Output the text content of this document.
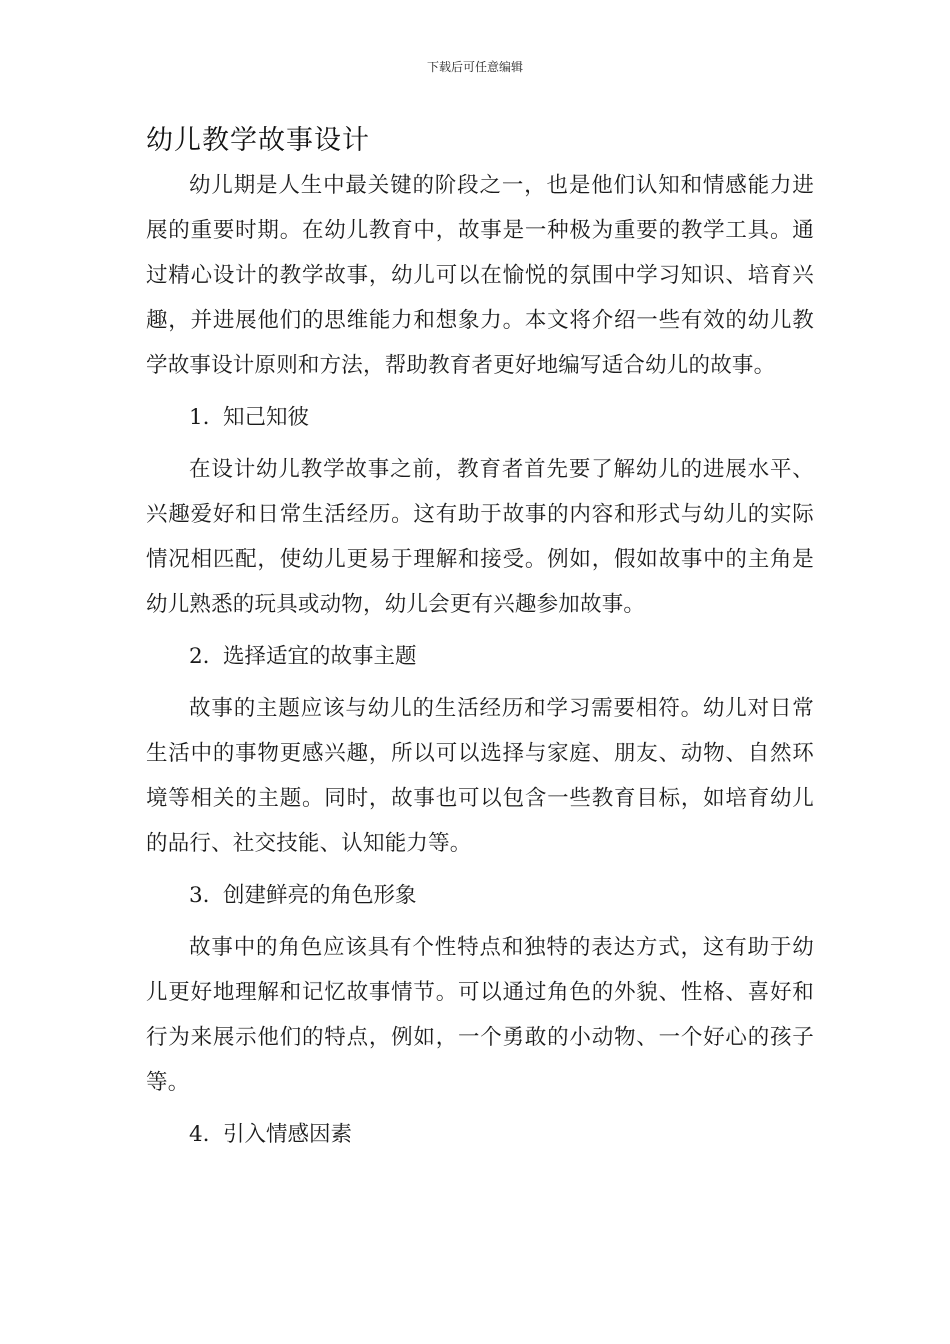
下载后可任意编辑
幼儿教学故事设计

幼儿期是人生中最关键的阶段之一，也是他们认知和情感能力进展的重要时期。在幼儿教育中，故事是一种极为重要的教学工具。通过精心设计的教学故事，幼儿可以在愉悦的氛围中学习知识、培育兴趣，并进展他们的思维能力和想象力。本文将介绍一些有效的幼儿教学故事设计原则和方法，帮助教育者更好地编写适合幼儿的故事。

1. 知己知彼

在设计幼儿教学故事之前，教育者首先要了解幼儿的进展水平、兴趣爱好和日常生活经历。这有助于故事的内容和形式与幼儿的实际情况相匹配，使幼儿更易于理解和接受。例如，假如故事中的主角是幼儿熟悉的玩具或动物，幼儿会更有兴趣参加故事。

2. 选择适宜的故事主题

故事的主题应该与幼儿的生活经历和学习需要相符。幼儿对日常生活中的事物更感兴趣，所以可以选择与家庭、朋友、动物、自然环境等相关的主题。同时，故事也可以包含一些教育目标，如培育幼儿的品行、社交技能、认知能力等。

3. 创建鲜亮的角色形象

故事中的角色应该具有个性特点和独特的表达方式，这有助于幼儿更好地理解和记忆故事情节。可以通过角色的外貌、性格、喜好和行为来展示他们的特点，例如，一个勇敢的小动物、一个好心的孩子等。

4. 引入情感因素
